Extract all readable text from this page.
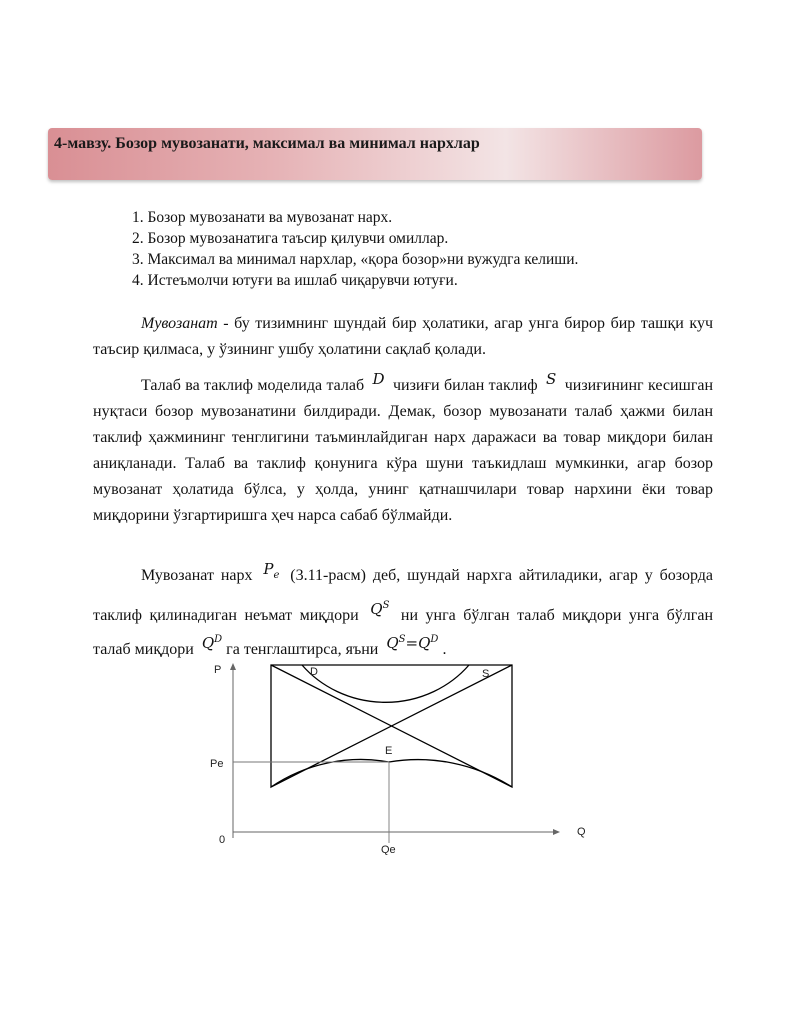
4-мавзу. Бозор мувозанати, максимал ва минимал нархлар
1. Бозор мувозанати ва мувозанат нарх.
2. Бозор мувозанатига таъсир қилувчи омиллар.
3. Максимал ва минимал нархлар, «қора бозор»ни вужудга келиши.
4. Истеъмолчи ютуғи ва ишлаб чиқарувчи ютуғи.

Мувозанат - бу тизимнинг шундай бир ҳолатики, агар унга бирор бир ташқи куч таъсир қилмаса, у ўзининг ушбу ҳолатини сақлаб қолади.

Талаб ва таклиф моделида талаб D чизиғи билан таклиф S чизиғининг кесишган нуқтаси бозор мувозанатини билдиради. Демак, бозор мувозанати талаб ҳажми билан таклиф ҳажмининг тенглигини таъминлайдиган нарх даражаси ва товар миқдори билан аниқланади. Талаб ва таклиф қонунига кўра шуни таъкидлаш мумкинки, агар бозор мувозанат ҳолатида бўлса, у ҳолда, унинг қатнашчилари товар нархини ёки товар миқдорини ўзгартиришга ҳеч нарса сабаб бўлмайди.

Мувозанат нарх $P_e$ (3.11-расм) деб, шундай нархга айтиладики, агар у бозорда таклиф қилинадиган неъмат миқдори $Q^S$ ни унга бўлган талаб миқдори унга бўлган талаб миқдори $Q^Dга$ тенглаштирса, яъни $Q^S=Q^D$.

P	D	S
E
Pe
0
Q
Qe
